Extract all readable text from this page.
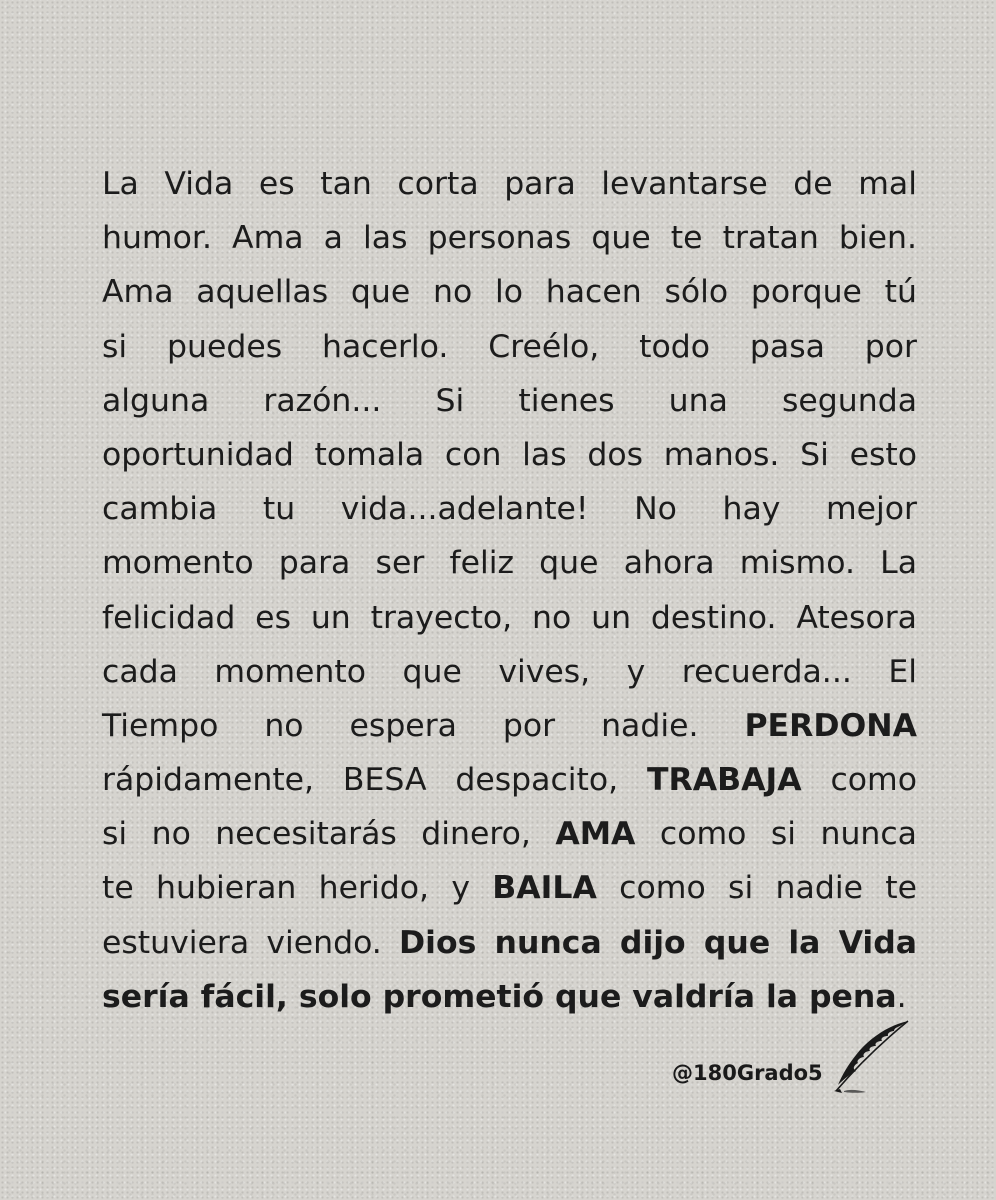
La Vida es tan corta para levantarse de mal
humor. Ama a las personas que te tratan bien.
Ama aquellas que no lo hacen sólo porque tú
si puedes hacerlo. Creélo, todo pasa por
alguna razón... Si tienes una segunda
oportunidad tomala con las dos manos. Si esto
cambia tu vida...adelante! No hay mejor
momento para ser feliz que ahora mismo. La
felicidad es un trayecto, no un destino. Atesora
cada momento que vives, y recuerda... El
Tiempo no espera por nadie. PERDONA
rápidamente, BESA despacito, TRABAJA como
si no necesitarás dinero, AMA como si nunca
te hubieran herido, y BAILA como si nadie te
estuviera viendo. Dios nunca dijo que la Vida
sería fácil, solo prometió que valdría la pena.
@180Grado5
